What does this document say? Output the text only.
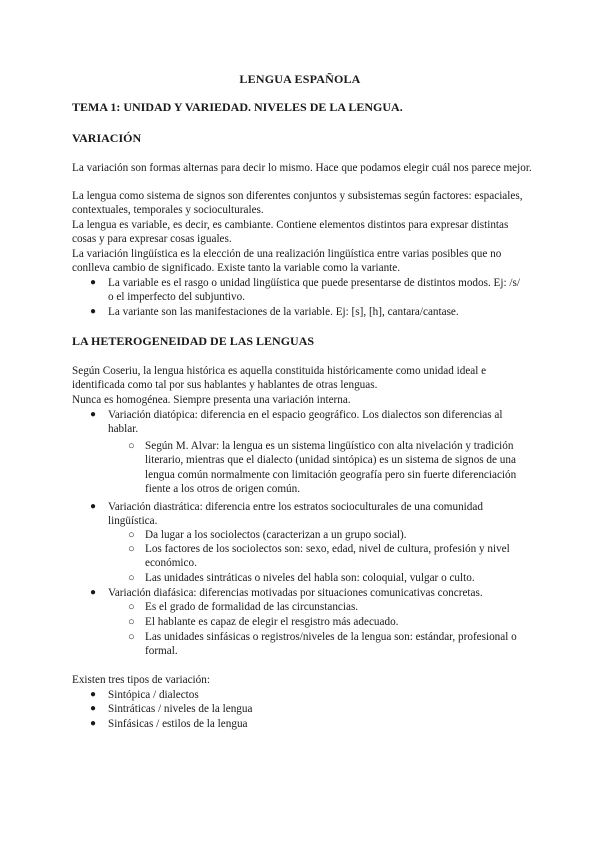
LENGUA ESPAÑOLA
TEMA 1: UNIDAD Y VARIEDAD. NIVELES DE LA LENGUA.
VARIACIÓN
La variación son formas alternas para decir lo mismo. Hace que podamos elegir cuál nos parece mejor.
La lengua como sistema de signos son diferentes conjuntos y subsistemas según factores: espaciales, contextuales, temporales y socioculturales.
La lengua es variable, es decir, es cambiante. Contiene elementos distintos para expresar distintas cosas y para expresar cosas iguales.
La variación lingüística es la elección de una realización lingüística entre varias posibles que no conlleva cambio de significado. Existe tanto la variable como la variante.
● La variable es el rasgo o unidad lingüística que puede presentarse de distintos modos. Ej: /s/ o el imperfecto del subjuntivo.
● La variante son las manifestaciones de la variable. Ej: [s], [h], cantara/cantase.
LA HETEROGENEIDAD DE LAS LENGUAS
Según Coseriu, la lengua histórica es aquella constituida históricamente como unidad ideal e identificada como tal por sus hablantes y hablantes de otras lenguas.
Nunca es homogénea. Siempre presenta una variación interna.
● Variación diatópica: diferencia en el espacio geográfico. Los dialectos son diferencias al hablar.
○ Según M. Alvar: la lengua es un sistema lingüístico con alta nivelación y tradición literario, mientras que el dialecto (unidad sintópica) es un sistema de signos de una lengua común normalmente con limitación geografía pero sin fuerte diferenciación fiente a los otros de origen común.
● Variación diastrática: diferencia entre los estratos socioculturales de una comunidad lingüística.
○ Da lugar a los sociolectos (caracterizan a un grupo social).
○ Los factores de los sociolectos son: sexo, edad, nivel de cultura, profesión y nivel económico.
○ Las unidades sintráticas o niveles del habla son: coloquial, vulgar o culto.
● Variación diafásica: diferencias motivadas por situaciones comunicativas concretas.
○ Es el grado de formalidad de las circunstancias.
○ El hablante es capaz de elegir el resgistro más adecuado.
○ Las unidades sinfásicas o registros/niveles de la lengua son: estándar, profesional o formal.
Existen tres tipos de variación:
● Sintópica / dialectos
● Sintráticas / niveles de la lengua
● Sinfásicas / estilos de la lengua
